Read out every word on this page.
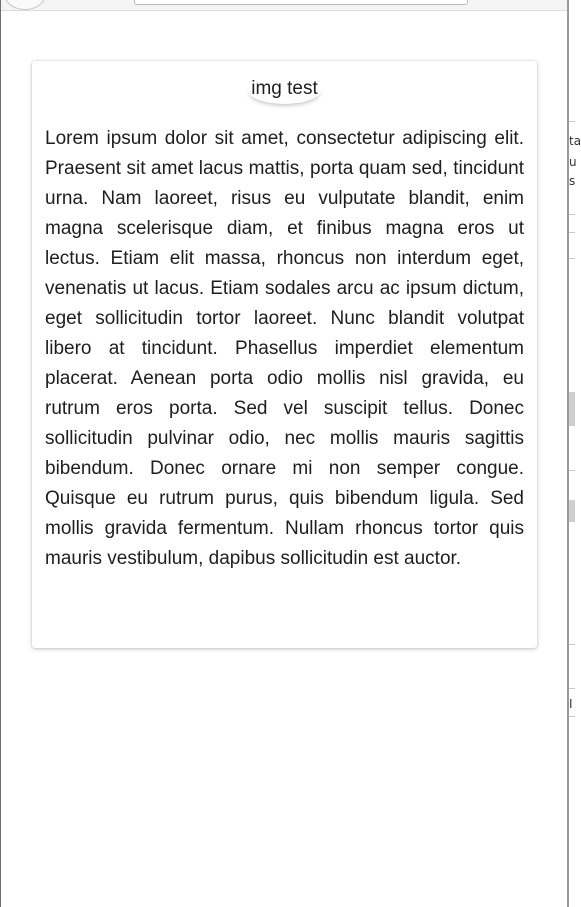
ta
u
s
I
img test

Lorem ipsum dolor sit amet, consectetur adipiscing elit. Praesent sit amet lacus mattis, porta quam sed, tincidunt urna. Nam laoreet, risus eu vulputate blandit, enim magna scelerisque diam, et finibus magna eros ut lectus. Etiam elit massa, rhoncus non interdum eget, venenatis ut lacus. Etiam sodales arcu ac ipsum dictum, eget sollicitudin tortor laoreet. Nunc blandit volutpat libero at tincidunt. Phasellus imperdiet elementum placerat. Aenean porta odio mollis nisl gravida, eu rutrum eros porta. Sed vel suscipit tellus. Donec sollicitudin pulvinar odio, nec mollis mauris sagittis bibendum. Donec ornare mi non semper congue. Quisque eu rutrum purus, quis bibendum ligula. Sed mollis gravida fermentum. Nullam rhoncus tortor quis mauris vestibulum, dapibus sollicitudin est auctor.
